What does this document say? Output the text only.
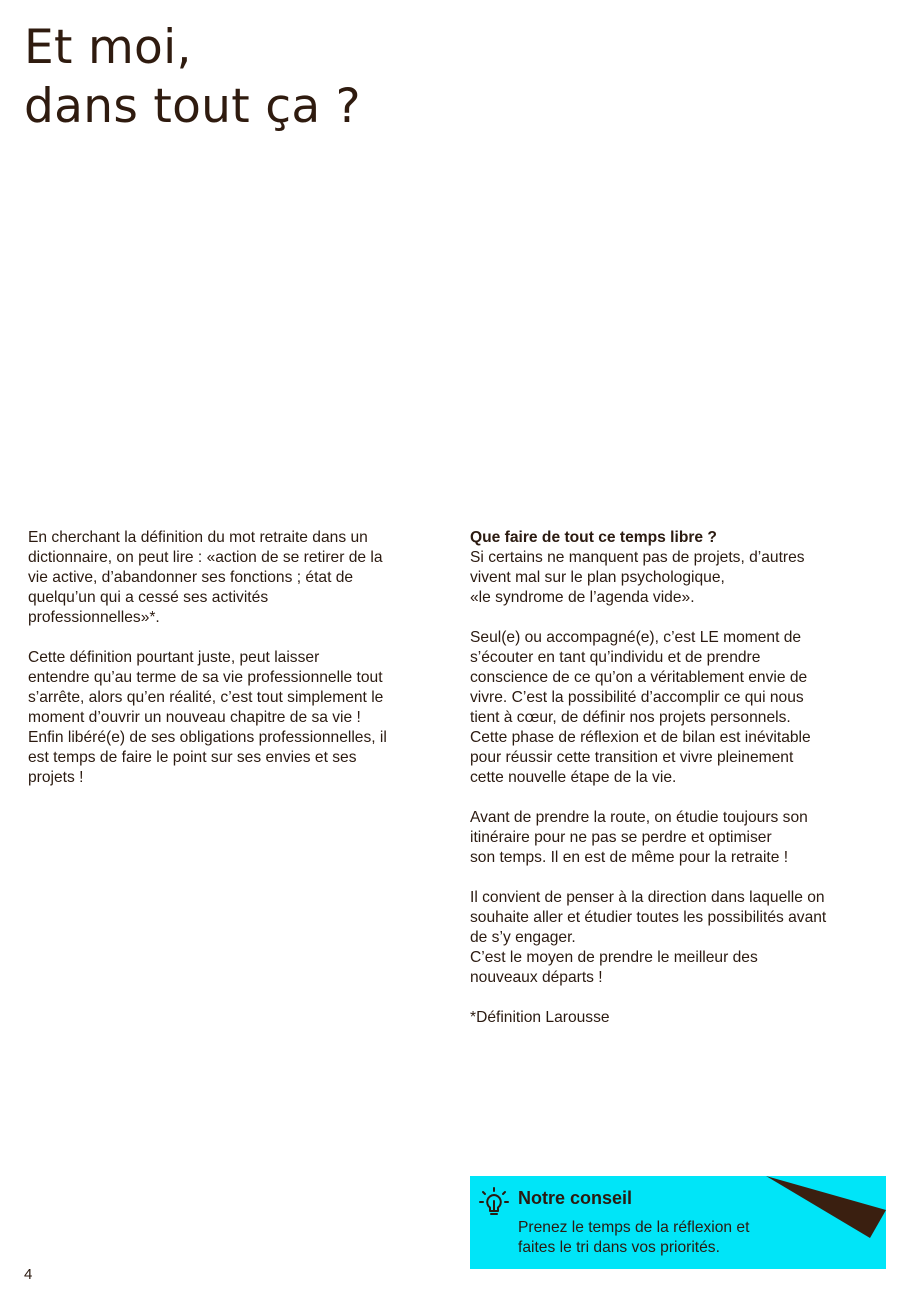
Et moi,
dans tout ça ?

En cherchant la définition du mot retraite dans un
dictionnaire, on peut lire : «action de se retirer de la
vie active, d’abandonner ses fonctions ; état de
quelqu’un qui a cessé ses activités
professionnelles»*.

Cette définition pourtant juste, peut laisser
entendre qu’au terme de sa vie professionnelle tout
s’arrête, alors qu’en réalité, c’est tout simplement le
moment d’ouvrir un nouveau chapitre de sa vie !
Enfin libéré(e) de ses obligations professionnelles, il
est temps de faire le point sur ses envies et ses
projets !

Que faire de tout ce temps libre ?
Si certains ne manquent pas de projets, d’autres
vivent mal sur le plan psychologique,
«le syndrome de l’agenda vide».

Seul(e) ou accompagné(e), c’est LE moment de
s’écouter en tant qu’individu et de prendre
conscience de ce qu’on a véritablement envie de
vivre. C’est la possibilité d’accomplir ce qui nous
tient à cœur, de définir nos projets personnels.
Cette phase de réflexion et de bilan est inévitable
pour réussir cette transition et vivre pleinement
cette nouvelle étape de la vie.

Avant de prendre la route, on étudie toujours son
itinéraire pour ne pas se perdre et optimiser
son temps. Il en est de même pour la retraite !

Il convient de penser à la direction dans laquelle on
souhaite aller et étudier toutes les possibilités avant
de s’y engager.
C’est le moyen de prendre le meilleur des
nouveaux départs !

*Définition Larousse

Notre conseil
Prenez le temps de la réflexion et
faites le tri dans vos priorités.
4
